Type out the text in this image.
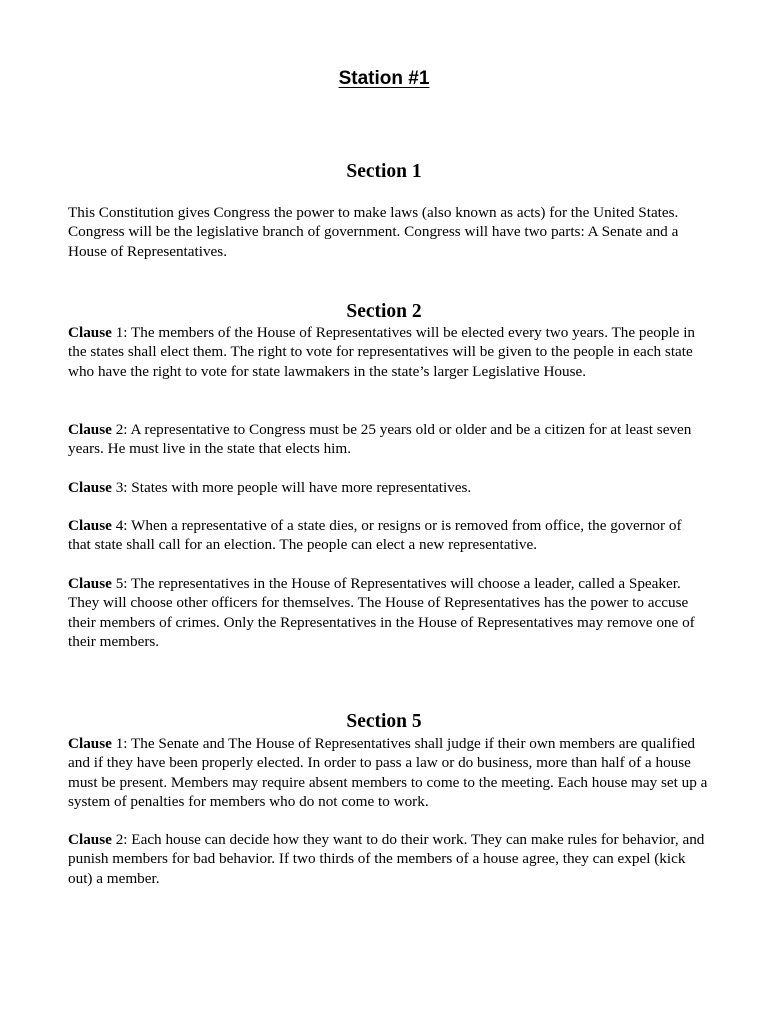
Station #1
Section 1

This Constitution gives Congress the power to make laws (also known as acts) for the United States. Congress will be the legislative branch of government. Congress will have two parts: A Senate and a House of Representatives.

Section 2

Clause 1: The members of the House of Representatives will be elected every two years. The people in the states shall elect them. The right to vote for representatives will be given to the people in each state who have the right to vote for state lawmakers in the state’s larger Legislative House.

Clause 2: A representative to Congress must be 25 years old or older and be a citizen for at least seven years. He must live in the state that elects him.

Clause 3: States with more people will have more representatives.

Clause 4: When a representative of a state dies, or resigns or is removed from office, the governor of that state shall call for an election. The people can elect a new representative.

Clause 5: The representatives in the House of Representatives will choose a leader, called a Speaker. They will choose other officers for themselves. The House of Representatives has the power to accuse their members of crimes. Only the Representatives in the House of Representatives may remove one of their members.

Section 5

Clause 1: The Senate and The House of Representatives shall judge if their own members are qualified and if they have been properly elected. In order to pass a law or do business, more than half of a house must be present. Members may require absent members to come to the meeting. Each house may set up a system of penalties for members who do not come to work.

Clause 2: Each house can decide how they want to do their work. They can make rules for behavior, and punish members for bad behavior. If two thirds of the members of a house agree, they can expel (kick out) a member.
